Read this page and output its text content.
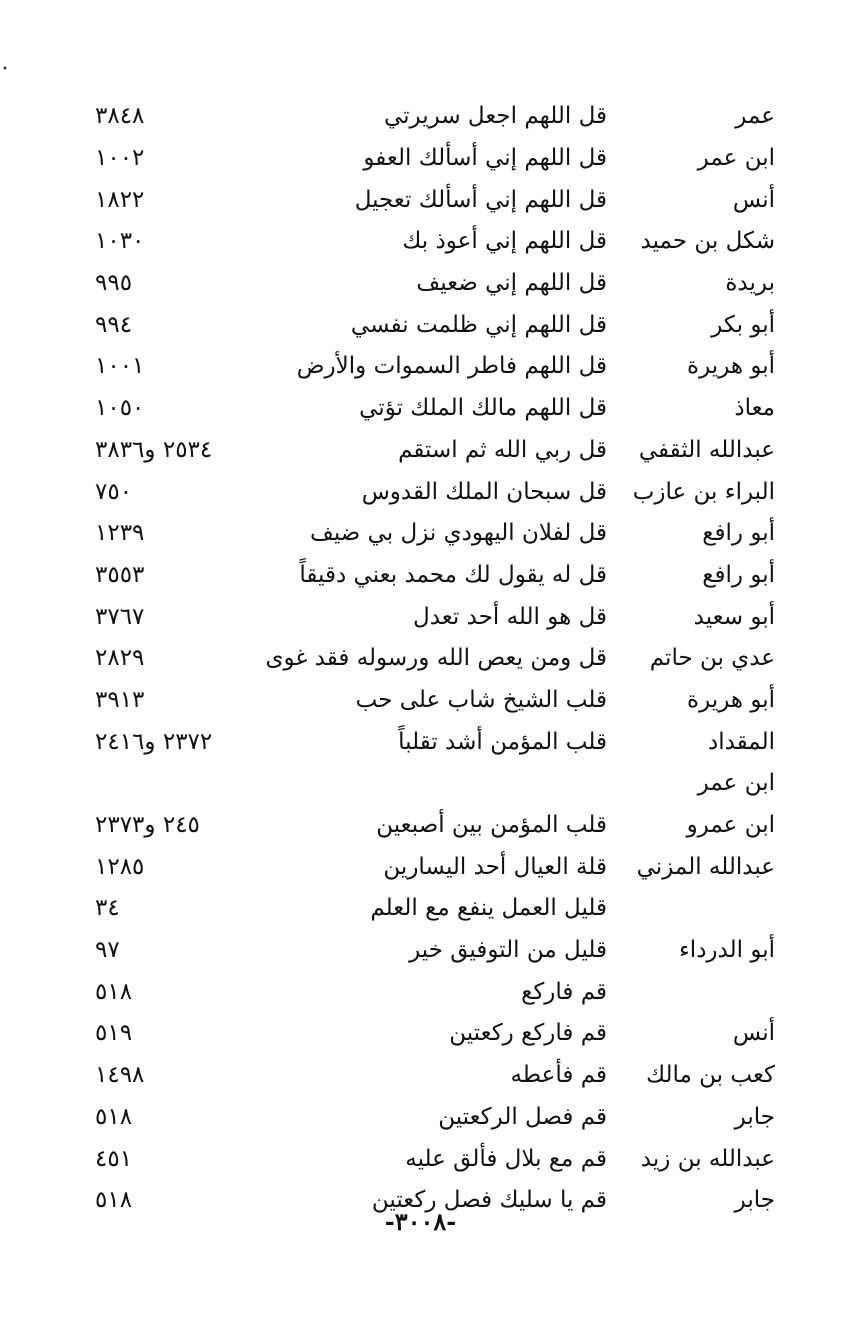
•
عمر
قل اللهم اجعل سريرتي
٣٨٤٨
ابن عمر
قل اللهم إني أسألك العفو
١٠٠٢
أنس
قل اللهم إني أسألك تعجيل
١٨٢٢
شكل بن حميد
قل اللهم إني أعوذ بك
١٠٣٠
بريدة
قل اللهم إني ضعيف
٩٩٥
أبو بكر
قل اللهم إني ظلمت نفسي
٩٩٤
أبو هريرة
قل اللهم فاطر السموات والأرض
١٠٠١
معاذ
قل اللهم مالك الملك تؤتي
١٠٥٠
عبدالله الثقفي
قل ربي الله ثم استقم
٢٥٣٤ و٣٨٣٦
البراء بن عازب
قل سبحان الملك القدوس
٧٥٠
أبو رافع
قل لفلان اليهودي نزل بي ضيف
١٢٣٩
أبو رافع
قل له يقول لك محمد بعني دقيقاً
٣٥٥٣
أبو سعيد
قل هو الله أحد تعدل
٣٧٦٧
عدي بن حاتم
قل ومن يعص الله ورسوله فقد غوى
٢٨٢٩
أبو هريرة
قلب الشيخ شاب على حب
٣٩١٣
المقداد
قلب المؤمن أشد تقلباً
٢٣٧٢ و٢٤١٦
ابن عمر
ابن عمرو
قلب المؤمن بين أصبعين
٢٤٥ و٢٣٧٣
عبدالله المزني
قلة العيال أحد اليسارين
١٢٨٥
قليل العمل ينفع مع العلم
٣٤
أبو الدرداء
قليل من التوفيق خير
٩٧
قم فاركع
٥١٨
أنس
قم فاركع ركعتين
٥١٩
كعب بن مالك
قم فأعطه
١٤٩٨
جابر
قم فصل الركعتين
٥١٨
عبدالله بن زيد
قم مع بلال فألق عليه
٤٥١
جابر
قم يا سليك فصل ركعتين
٥١٨
-٣٠٠٨-
